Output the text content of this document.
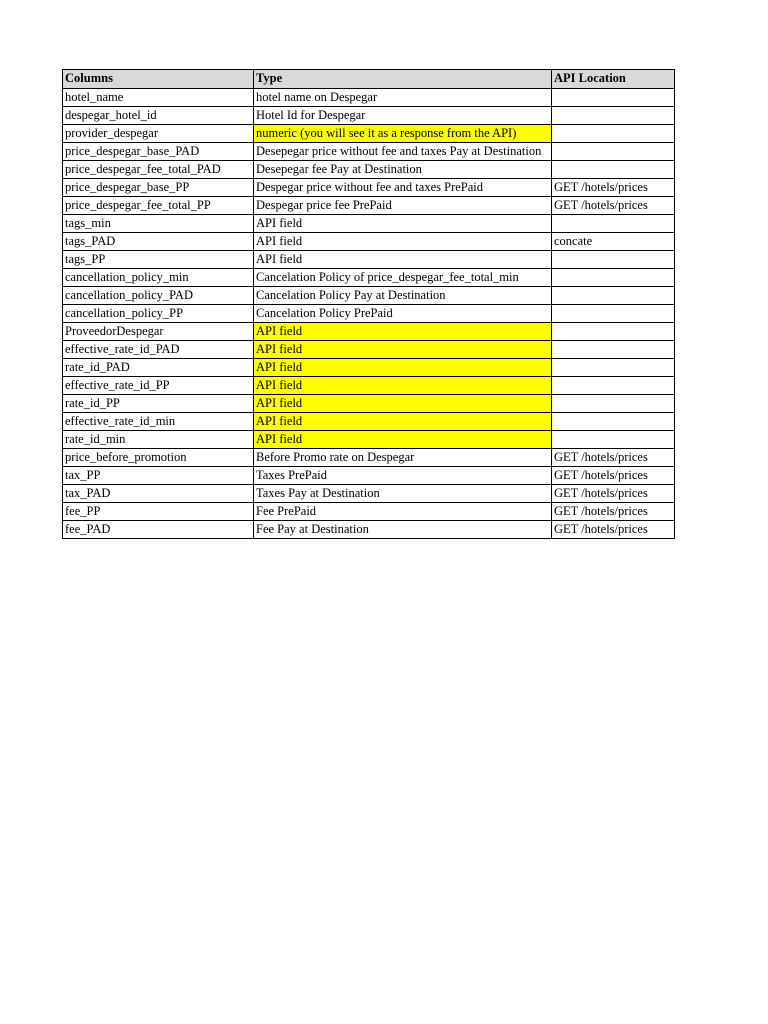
Columns	Type	API Location
hotel_name	hotel name on Despegar	
despegar_hotel_id	Hotel Id for Despegar	
provider_despegar	numeric (you will see it as a response from the API)	
price_despegar_base_PAD	Desepegar price without fee and taxes Pay at Destination	
price_despegar_fee_total_PAD	Desepegar fee Pay at Destination	
price_despegar_base_PP	Despegar price without fee and taxes PrePaid	GET /hotels/prices
price_despegar_fee_total_PP	Despegar price fee PrePaid	GET /hotels/prices
tags_min	API field	
tags_PAD	API field	concate
tags_PP	API field	
cancellation_policy_min	Cancelation Policy of price_despegar_fee_total_min	
cancellation_policy_PAD	Cancelation Policy Pay at Destination	
cancellation_policy_PP	Cancelation Policy PrePaid	
ProveedorDespegar	API field	
effective_rate_id_PAD	API field	
rate_id_PAD	API field	
effective_rate_id_PP	API field	
rate_id_PP	API field	
effective_rate_id_min	API field	
rate_id_min	API field	
price_before_promotion	Before Promo rate on Despegar	GET /hotels/prices
tax_PP	Taxes PrePaid	GET /hotels/prices
tax_PAD	Taxes Pay at Destination	GET /hotels/prices
fee_PP	Fee PrePaid	GET /hotels/prices
fee_PAD	Fee Pay at Destination	GET /hotels/prices
